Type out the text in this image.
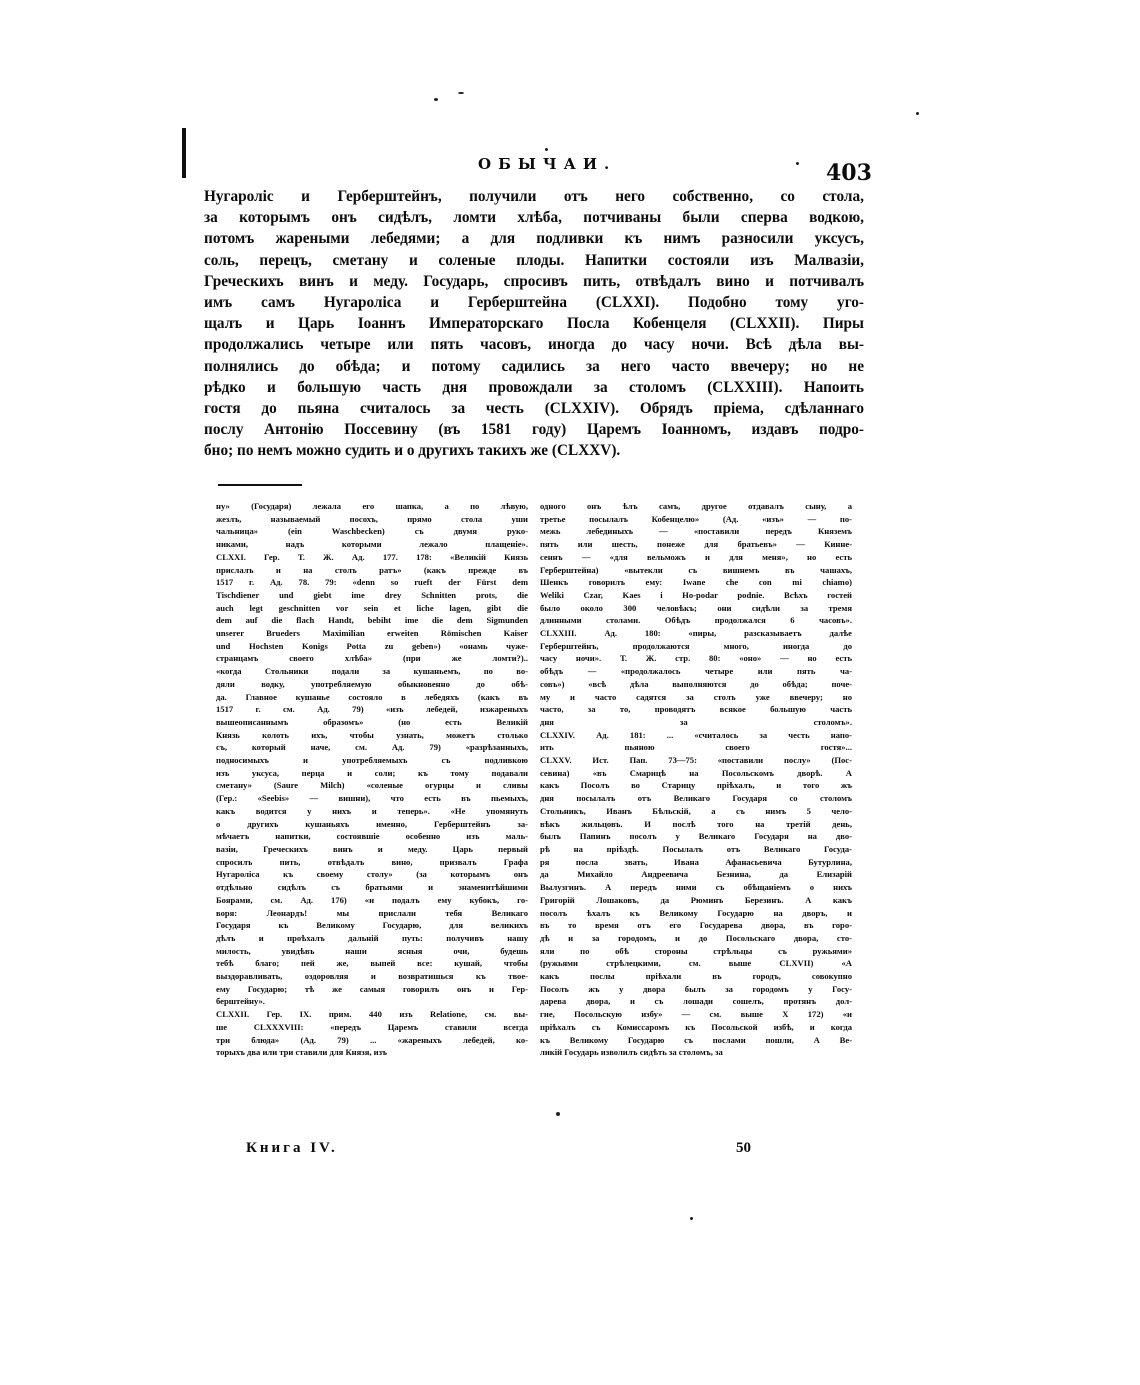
ОБЫЧАИ.	403
Нугароліс и Герберштейнъ, получили отъ него собственно, со стола,
за которымъ онъ сидѣлъ, ломти хлѣба, потчиваны были сперва водкою,
потомъ жареными лебедями; а для подливки къ нимъ разносили уксусъ,
соль, перецъ, сметану и соленые плоды. Напитки состояли изъ Малвазіи,
Греческихъ винъ и меду. Государь, спросивъ пить, отвѣдалъ вино и потчивалъ
имъ самъ Нугароліса и Герберштейна (CLXXI). Подобно тому уго-
щалъ и Царь Іоаннъ Императорскаго Посла Кобенцеля (CLXXII). Пиры
продолжались четыре или пять часовъ, иногда до часу ночи. Всѣ дѣла вы-
полнялись до обѣда; и потому садились за него часто ввечеру; но не
рѣдко и большую часть дня провождали за столомъ (CLXXIII). Напоить
гостя до пьяна считалось за честь (CLXXIV). Обрядъ пріема, сдѣланнаго
послу Антонію Поссевину (въ 1581 году) Царемъ Іоанномъ, издавъ подро-
бно; по немъ можно судить и о другихъ такихъ же (CLXXV).
ну» (Государя) лежала его шапка, а по лѣвую,
жезлъ, называемый посохъ, прямо стола уши
чальница» (ein Waschbecken) съ двумя руко-
никами, надъ которыми лежало плащеніе».
CLXXI. Гер. Т. Ж. Ад. 177. 178: «Великій Князь
прислалъ и на столъ ратъ» (какъ прежде въ
1517 г. Ад. 78. 79: «denn so rueft der Fürst dem
Tischdiener und giebt ime drey Schnitten prots, die
auch legt geschnitten vor sein et liche lagen, gibt die
dem auf die flach Handt, bebiht ime die dem Sigmunden
unserer Brueders Maximilian erweiten Römischen Kaiser
und Hochsten Konigs Potta zu geben») «онамь чуже-
странцамъ своего хлѣба» (при же ломти?)..
«когда Стольники подали за кушаньемъ, по во-
дяли водку, употребляемую обыкновенно до обѣ-
да. Главное кушанье состояло в лебедяхъ (какъ въ
1517 г. см. Ад. 79) «изъ лебедей, изжареныхъ
вышеописаннымъ образомъ» (но есть Великій
Князь колоть ихъ, чтобы узнать, можетъ столько
съ, который наче, см. Ад. 79) «разрѣзанныхъ,
подносимыхъ и употребляемыхъ съ подливкою
изъ уксуса, перца и соли; къ тому подавали
сметану» (Saure Milch) «соленые огурцы и сливы
(Гер.: «Seebis» — вишни), что есть въ пьемыхъ,
какъ водится у нихъ и теперь». «Не упомянуть
о другихъ кушаньяхъ именно, Герберштейнъ за-
мѣчаетъ напитки, состоявшіе особенно изъ маль-
вазіи, Греческихъ винъ и меду. Царь первый
спросилъ пить, отвѣдалъ вино, призвалъ Графа
Нугароліса къ своему столу» (за которымъ онъ
отдѣльно сидѣлъ съ братьями и знаменитѣйшими
Боярами, см. Ад. 176) «и подалъ ему кубокъ, го-
воря: Леонардъ! мы прислали тебя Великаго
Государя къ Великому Государю, для великихъ
дѣлъ и проѣхалъ дальній путь: получивъ нашу
милость, увидѣвъ наши ясныя очи, будешь
тебѣ благо; пей же, выпей все: кушай, чтобы
выздоравливать, оздоровляя и возвратишься къ твое-
ему Государю; тѣ же самыя говорилъ онъ и Гер-
берштейну».
CLXXII. Гер. IX. прим. 440 изъ Relatione, см. вы-
ше CLXXXVIII: «передъ Царемъ ставили всегда
три блюда» (Ад. 79) ... «жареныхъ лебедей, ко-
торыхъ два или три ставили для Князя, изъ
одного онъ ѣлъ самъ, другое отдавалъ сыну, а
третье посылалъ Кобенцелю» (Ад. «изъ» — по-
межь лебединыхъ — «поставили передъ Княземъ
пять или шесть, понеже для братьевъ» — Кинне-
сеннъ — «для вельможъ и для меня», но есть
Герберштейна) «вытекли съ вишнемъ въ чашахъ,
Шенкъ говорилъ ему: Iwane che con mi chiamo)
Weliki Czar, Kaes i Ho-podar podnie. Всѣхъ гостей
было около 300 человѣкъ; они сидѣли за тремя
длинными столами. Обѣдъ продолжался 6 часовъ».
CLXXIII. Ад. 180: «пиры, разсказываетъ далѣе
Герберштейнъ, продолжаются много, иногда до
часу ночи». Т. Ж. стр. 80: «оно» — но есть
обѣдъ — «продолжалось четыре или пять ча-
совъ») «всѣ дѣла выполняются до обѣда; поче-
му и часто садятся за столъ уже ввечеру; но
часто, за то, проводятъ всякое большую часть
дня за столомъ».
CLXXIV. Ад. 181: ... «считалось за честь напо-
ить пьяною своего гостя»...
CLXXV. Ист. Пап. 73—75: «поставили послу» (Пос-
севина) «въ Смарицѣ на Посольскомъ дворѣ. А
какъ Посолъ во Старицу пріѣхалъ, и того жъ
дня посылалъ отъ Великаго Государя со столомъ
Стольникъ, Иванъ Бѣльскій, а съ нимъ 5 чело-
вѣкъ жильцовъ. И послѣ того на третій день,
былъ Папинъ посолъ у Великаго Государя на дво-
рѣ на пріѣздѣ. Посылалъ отъ Великаго Госуда-
ря посла звать, Ивана Афанасьевича Бутурлина,
да Михайло Андреевича Безнина, да Елизарій
Вылузгинъ. А передъ ними съ обѣщаніемъ о нихъ
Григорій Лошаковъ, да Рюминъ Березинъ. А какъ
посолъ ѣхалъ къ Великому Государю на дворъ, и
въ то время отъ его Государева двора, въ горо-
дѣ и за городомъ, и до Посольскаго двора, сто-
яли по обѣ стороны стрѣльцы съ ружьями»
(ружьями стрѣлецкими, см. выше CLXVII) «А
какъ послы пріѣхали въ городъ, совокупно
Посолъ жъ у двора былъ за городомъ у Госу-
дарева двора, и съ лошади сошелъ, протянъ дол-
гие, Посольскую избу» — см. выше X 172) «и
пріѣхалъ съ Комиссаромъ къ Посольской избѣ, и когда
къ Великому Государю съ послами пошли, А Ве-
ликій Государь изволилъ сидѣть за столомъ, за
Книга IV.	50
